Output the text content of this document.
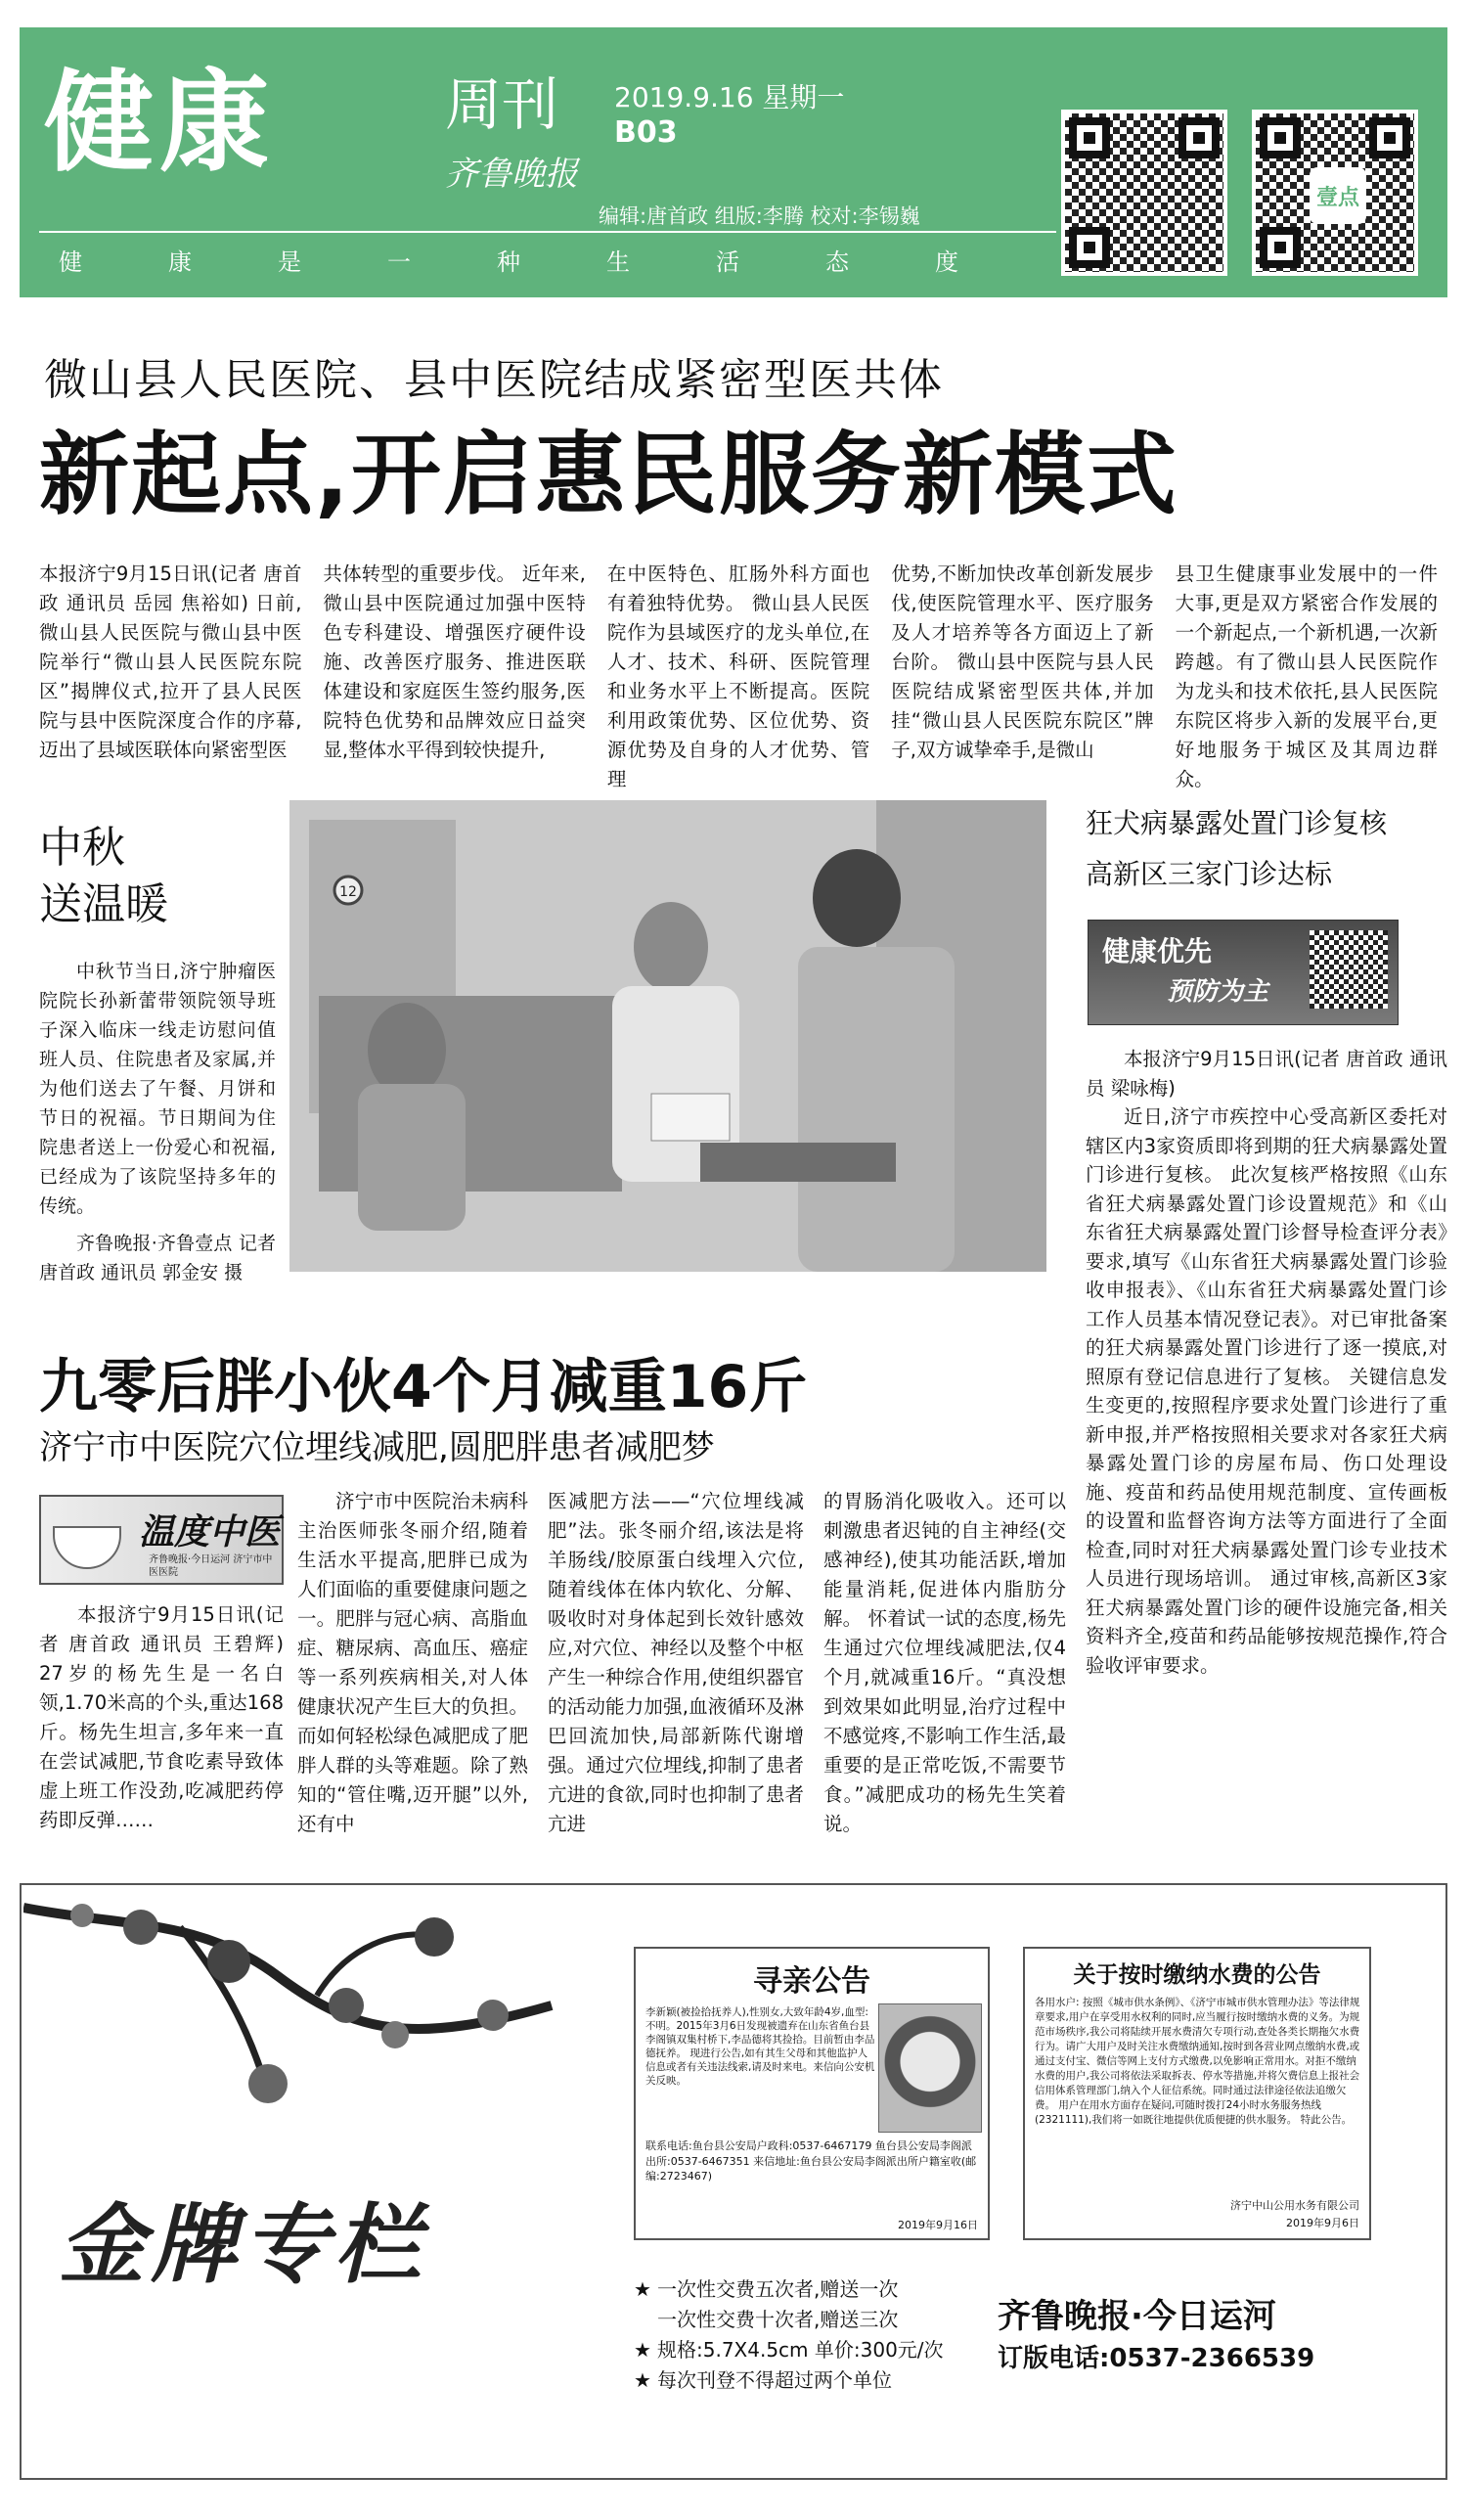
健康	周刊
齐鲁晚报
2019.9.16 星期一
B03
编辑:唐首政 组版:李腾 校对:李锡巍
健	康	是	一	种	生	活	态	度
壹点
微山县人民医院、县中医院结成紧密型医共体
新起点,开启惠民服务新模式

本报济宁9月15日讯(记者 唐首政 通讯员 岳园 焦裕如) 日前,微山县人民医院与微山县中医院举行“微山县人民医院东院区”揭牌仪式,拉开了县人民医院与县中医院深度合作的序幕,迈出了县域医联体向紧密型医

共体转型的重要步伐。 近年来,微山县中医院通过加强中医特色专科建设、增强医疗硬件设施、改善医疗服务、推进医联体建设和家庭医生签约服务,医院特色优势和品牌效应日益突显,整体水平得到较快提升,

在中医特色、肛肠外科方面也有着独特优势。 微山县人民医院作为县域医疗的龙头单位,在人才、技术、科研、医院管理和业务水平上不断提高。医院利用政策优势、区位优势、资源优势及自身的人才优势、管理

优势,不断加快改革创新发展步伐,使医院管理水平、医疗服务及人才培养等各方面迈上了新台阶。 微山县中医院与县人民医院结成紧密型医共体,并加挂“微山县人民医院东院区”牌子,双方诚挚牵手,是微山

县卫生健康事业发展中的一件大事,更是双方紧密合作发展的一个新起点,一个新机遇,一次新跨越。有了微山县人民医院作为龙头和技术依托,县人民医院东院区将步入新的发展平台,更好地服务于城区及其周边群众。

中秋
送温暖

中秋节当日,济宁肿瘤医院院长孙新蕾带领院领导班子深入临床一线走访慰问值班人员、住院患者及家属,并为他们送去了午餐、月饼和节日的祝福。节日期间为住院患者送上一份爱心和祝福,已经成为了该院坚持多年的传统。

齐鲁晚报·齐鲁壹点 记者 唐首政 通讯员 郭金安 摄

12
狂犬病暴露处置门诊复核
高新区三家门诊达标
健康优先
预防为主

本报济宁9月15日讯(记者 唐首政 通讯员 梁咏梅)

近日,济宁市疾控中心受高新区委托对辖区内3家资质即将到期的狂犬病暴露处置门诊进行复核。 此次复核严格按照《山东省狂犬病暴露处置门诊设置规范》和《山东省狂犬病暴露处置门诊督导检查评分表》要求,填写《山东省狂犬病暴露处置门诊验收申报表》、《山东省狂犬病暴露处置门诊工作人员基本情况登记表》。对已审批备案的狂犬病暴露处置门诊进行了逐一摸底,对照原有登记信息进行了复核。 关键信息发生变更的,按照程序要求处置门诊进行了重新申报,并严格按照相关要求对各家狂犬病暴露处置门诊的房屋布局、伤口处理设施、疫苗和药品使用规范制度、宣传画板的设置和监督咨询方法等方面进行了全面检查,同时对狂犬病暴露处置门诊专业技术人员进行现场培训。 通过审核,高新区3家狂犬病暴露处置门诊的硬件设施完备,相关资料齐全,疫苗和药品能够按规范操作,符合验收评审要求。

九零后胖小伙4个月减重16斤
济宁市中医院穴位埋线减肥,圆肥胖患者减肥梦
温度中医
齐鲁晚报·今日运河 济宁市中医医院

本报济宁9月15日讯(记者 唐首政 通讯员 王碧辉) 27岁的杨先生是一名白领,1.70米高的个头,重达168斤。杨先生坦言,多年来一直在尝试减肥,节食吃素导致体虚上班工作没劲,吃减肥药停药即反弹……

济宁市中医院治未病科主治医师张冬丽介绍,随着生活水平提高,肥胖已成为人们面临的重要健康问题之一。肥胖与冠心病、高脂血症、糖尿病、高血压、癌症等一系列疾病相关,对人体健康状况产生巨大的负担。 而如何轻松绿色减肥成了肥胖人群的头等难题。除了熟知的“管住嘴,迈开腿”以外,还有中

医减肥方法——“穴位埋线减肥”法。张冬丽介绍,该法是将羊肠线/胶原蛋白线埋入穴位,随着线体在体内软化、分解、吸收时对身体起到长效针感效应,对穴位、神经以及整个中枢产生一种综合作用,使组织器官的活动能力加强,血液循环及淋巴回流加快,局部新陈代谢增强。通过穴位埋线,抑制了患者亢进的食欲,同时也抑制了患者亢进

的胃肠消化吸收入。还可以刺激患者迟钝的自主神经(交感神经),使其功能活跃,增加能量消耗,促进体内脂肪分解。 怀着试一试的态度,杨先生通过穴位埋线减肥法,仅4个月,就减重16斤。“真没想到效果如此明显,治疗过程中不感觉疼,不影响工作生活,最重要的是正常吃饭,不需要节食。”减肥成功的杨先生笑着说。

金牌专栏
寻亲公告
李新颖(被捡拾抚养人),性别女,大致年龄4岁,血型:不明。2015年3月6日发现被遗弃在山东省鱼台县李阁镇双集村桥下,李品德将其捡拾。目前暂由李品德抚养。 现进行公告,如有其生父母和其他监护人信息或者有关违法线索,请及时来电。来信向公安机关反映。
联系电话:鱼台县公安局户政科:0537-6467179 鱼台县公安局李阁派出所:0537-6467351 来信地址:鱼台县公安局李阁派出所户籍室收(邮编:2723467)
2019年9月16日
关于按时缴纳水费的公告
各用水户: 按照《城市供水条例》、《济宁市城市供水管理办法》等法律规章要求,用户在享受用水权利的同时,应当履行按时缴纳水费的义务。为规范市场秩序,我公司将陆续开展水费清欠专项行动,查处各类长期拖欠水费行为。请广大用户及时关注水费缴纳通知,按时到各营业网点缴纳水费,或通过支付宝、微信等网上支付方式缴费,以免影响正常用水。对拒不缴纳水费的用户,我公司将依法采取拆表、停水等措施,并将欠费信息上报社会信用体系管理部门,纳入个人征信系统。同时通过法律途径依法追缴欠费。 用户在用水方面存在疑问,可随时拨打24小时水务服务热线(2321111),我们将一如既往地提供优质便捷的供水服务。 特此公告。
济宁中山公用水务有限公司
2019年9月6日
★ 一次性交费五次者,赠送一次
一次性交费十次者,赠送三次
★ 规格:5.7X4.5cm 单价:300元/次
★ 每次刊登不得超过两个单位
齐鲁晚报·今日运河
订版电话:0537-2366539
